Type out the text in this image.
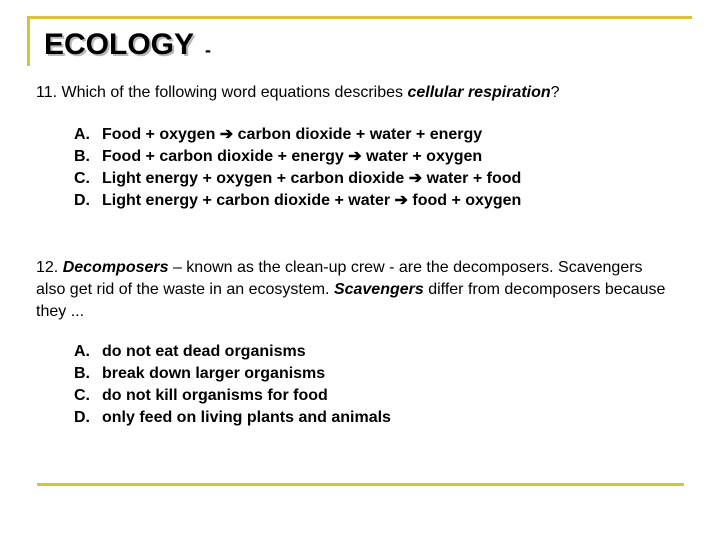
ECOLOGY -

11. Which of the following word equations describes cellular respiration?

A. Food + oxygen ➔ carbon dioxide + water + energy
B. Food + carbon dioxide + energy ➔ water + oxygen
C. Light energy + oxygen + carbon dioxide ➔ water + food
D. Light energy + carbon dioxide + water ➔ food + oxygen

12. Decomposers – known as the clean-up crew - are the decomposers. Scavengers also get rid of the waste in an ecosystem. Scavengers differ from decomposers because they ...

A. do not eat dead organisms
B. break down larger organisms
C. do not kill organisms for food
D. only feed on living plants and animals
